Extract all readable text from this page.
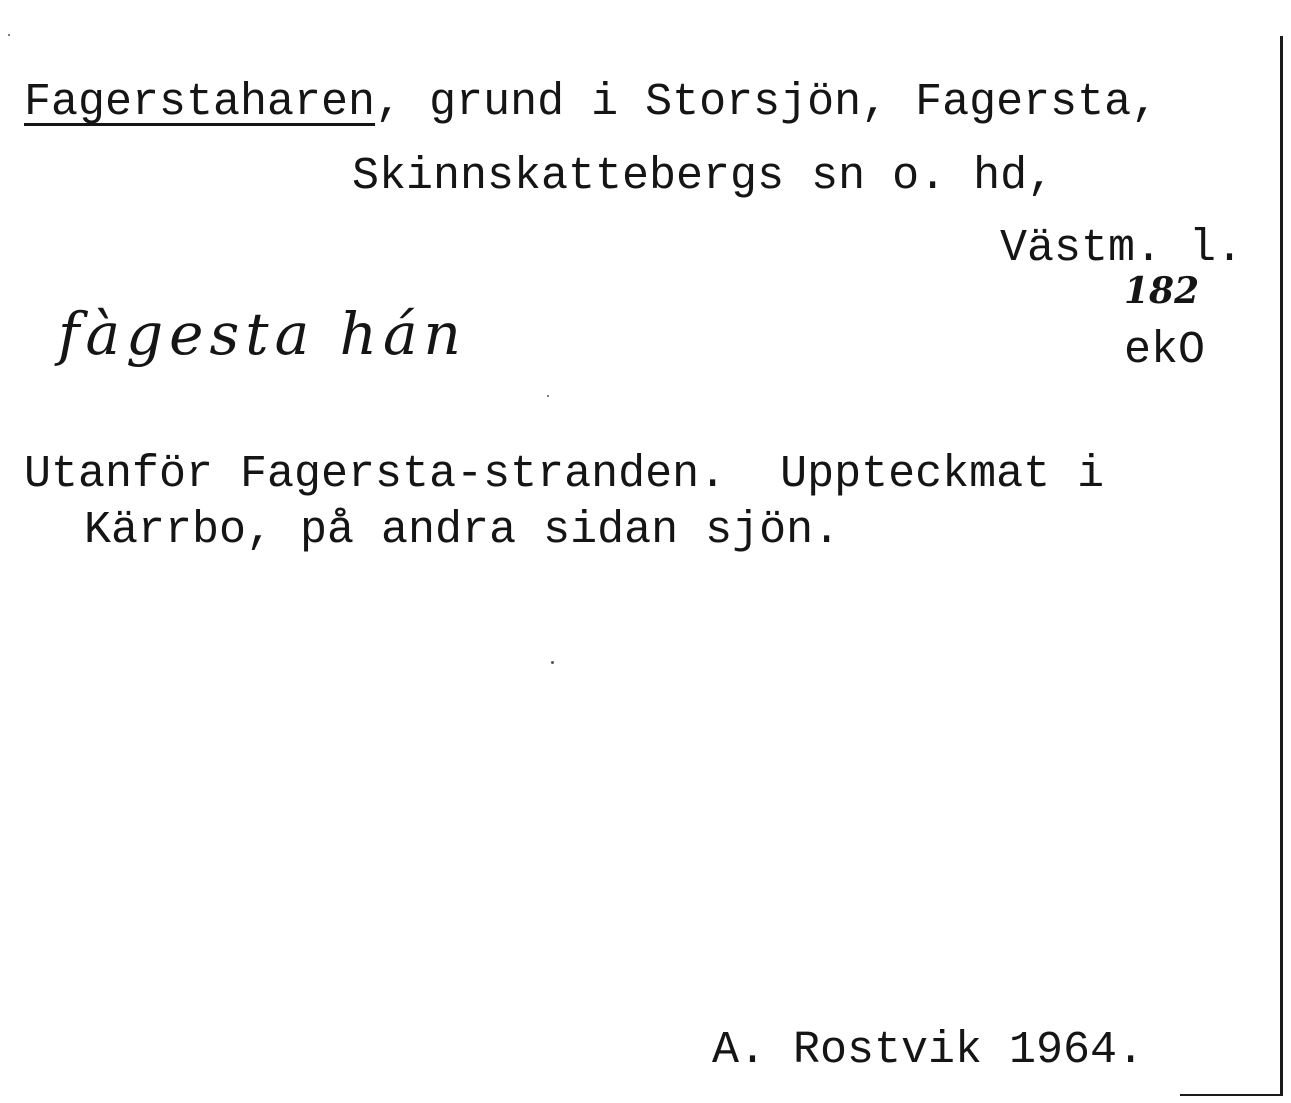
Fagerstaharen, grund i Storsjön, Fagersta,
Skinnskattebergs sn o. hd,
Västm. l.
fàgesta hán
182
ekO
Utanför Fagersta-stranden.  Uppteckmat i
Kärrbo, på andra sidan sjön.
A. Rostvik 1964.
